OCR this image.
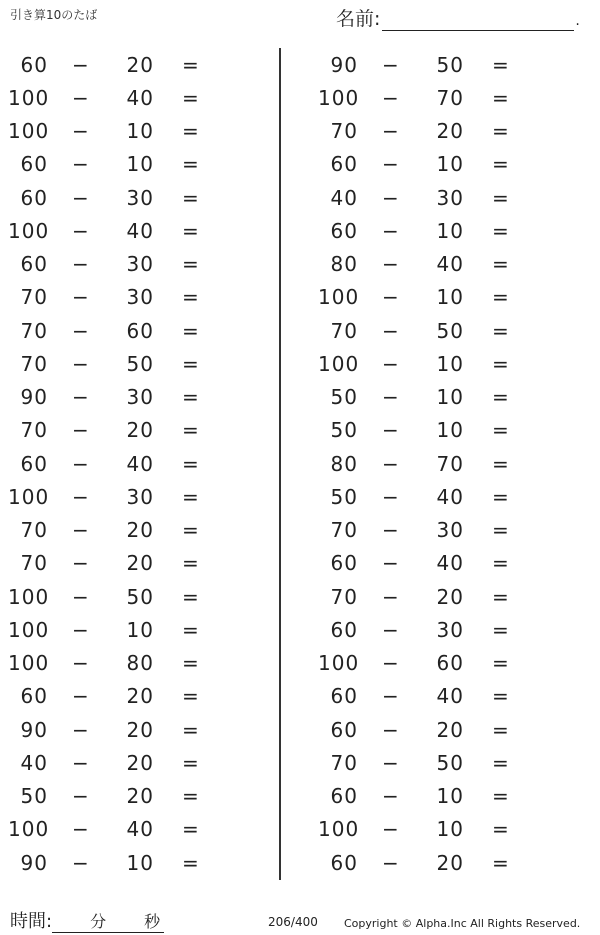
引き算10のたば	名前:	.
60 −	20 =
100 −	40 =
100 −	10 =
60 −	10 =
60 −	30 =
100 −	40 =
60 −	30 =
70 −	30 =
70 −	60 =
70 −	50 =
90 −	30 =
70 −	20 =
60 −	40 =
100 −	30 =
70 −	20 =
70 −	20 =
100 −	50 =
100 −	10 =
100 −	80 =
60 −	20 =
90 −	20 =
40 −	20 =
50 −	20 =
100 −	40 =
90 −	10 =
90 −	50 =
100 −	70 =
70 −	20 =
60 −	10 =
40 −	30 =
60 −	10 =
80 −	40 =
100 −	10 =
70 −	50 =
100 −	10 =
50 −	10 =
50 −	10 =
80 −	70 =
50 −	40 =
70 −	30 =
60 −	40 =
70 −	20 =
60 −	30 =
100 −	60 =
60 −	40 =
60 −	20 =
70 −	50 =
60 −	10 =
100 −	10 =
60 −	20 =
時間: 分 秒	206/400 Copyright © Alpha.Inc All Rights Reserved.
